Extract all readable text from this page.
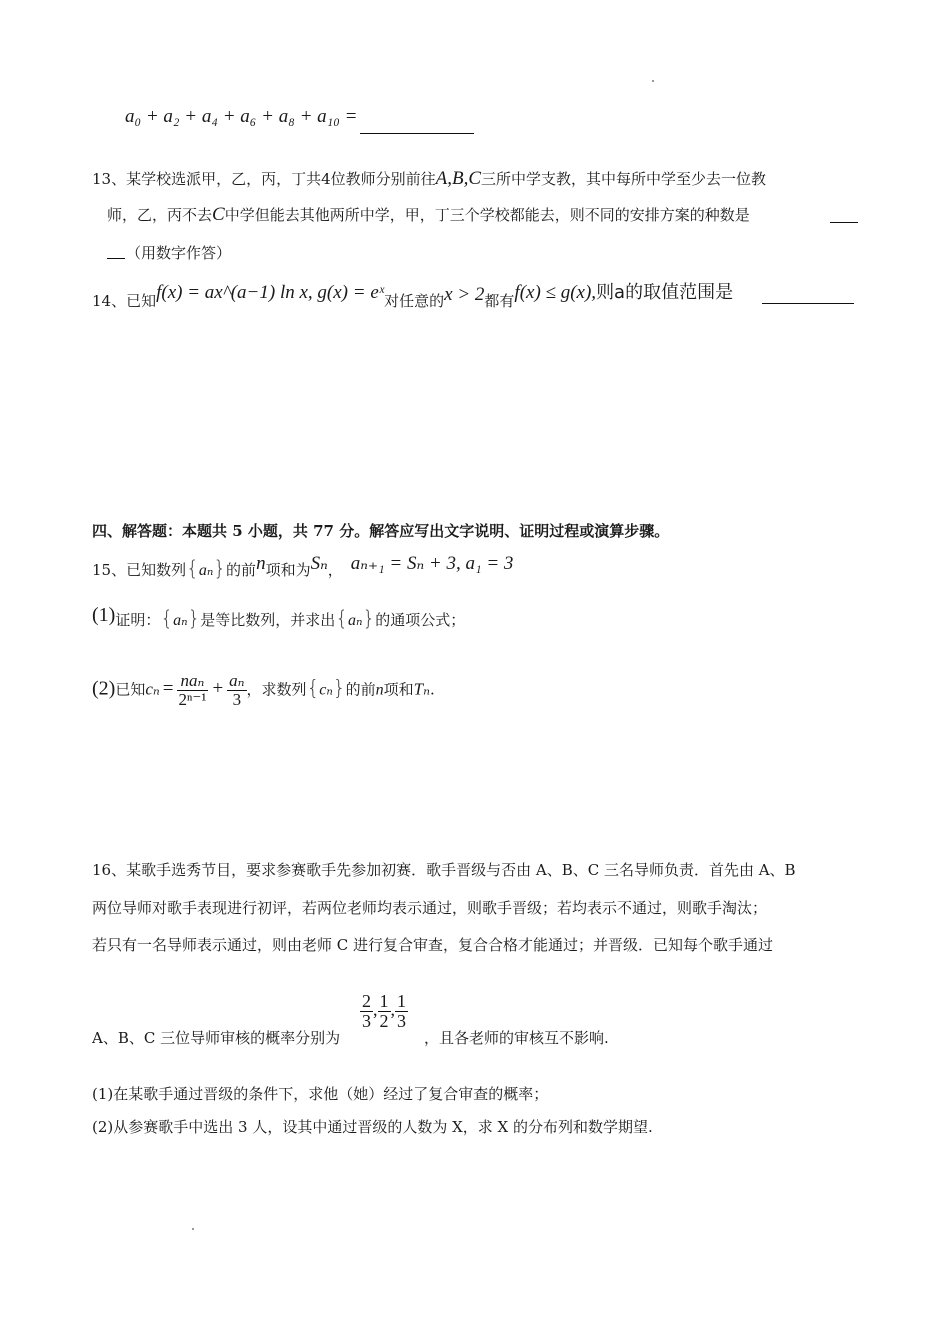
a₀ + a₂ + a₄ + a₆ + a₈ + a₁₀ =
13、某学校选派甲，乙，丙，丁共4位教师分别前往A,B,C三所中学支教，其中每所中学至少去一位教
师，乙，丙不去C中学但能去其他两所中学，甲，丁三个学校都能去，则不同的安排方案的种数是
（用数字作答）
14、已知f(x) = ax^(a−1) ln x, g(x) = eˣ对任意的x > 2都有f(x) ≤ g(x),则a的取值范围是
四、解答题：本题共 5 小题，共 77 分。解答应写出文字说明、证明过程或演算步骤。
15、已知数列{aₙ}的前n项和为Sₙ， aₙ₊₁ = Sₙ + 3, a₁ = 3
(1)证明：{aₙ}是等比数列，并求出{aₙ}的通项公式；
(2)已知$c_n = \frac{\text{naₙ}}{\text{2ⁿ⁻¹}} + \frac{\text{aₙ}}{3}$ ，求数列{cₙ}的前n项和Tₙ.
16、某歌手选秀节目，要求参赛歌手先参加初赛．歌手晋级与否由 A、B、C 三名导师负责．首先由 A、B
两位导师对歌手表现进行初评，若两位老师均表示通过，则歌手晋级；若均表示不通过，则歌手淘汰；
若只有一名导师表示通过，则由老师 C 进行复合审查，复合合格才能通过；并晋级．已知每个歌手通过
A、B、C 三位导师审核的概率分别为
$\frac{2}{3}$ , $\frac{1}{2}$ , $\frac{1}{3}$
，且各老师的审核互不影响.
(1)在某歌手通过晋级的条件下，求他（她）经过了复合审查的概率；
(2)从参赛歌手中选出 3 人，设其中通过晋级的人数为 X，求 X 的分布列和数学期望.
